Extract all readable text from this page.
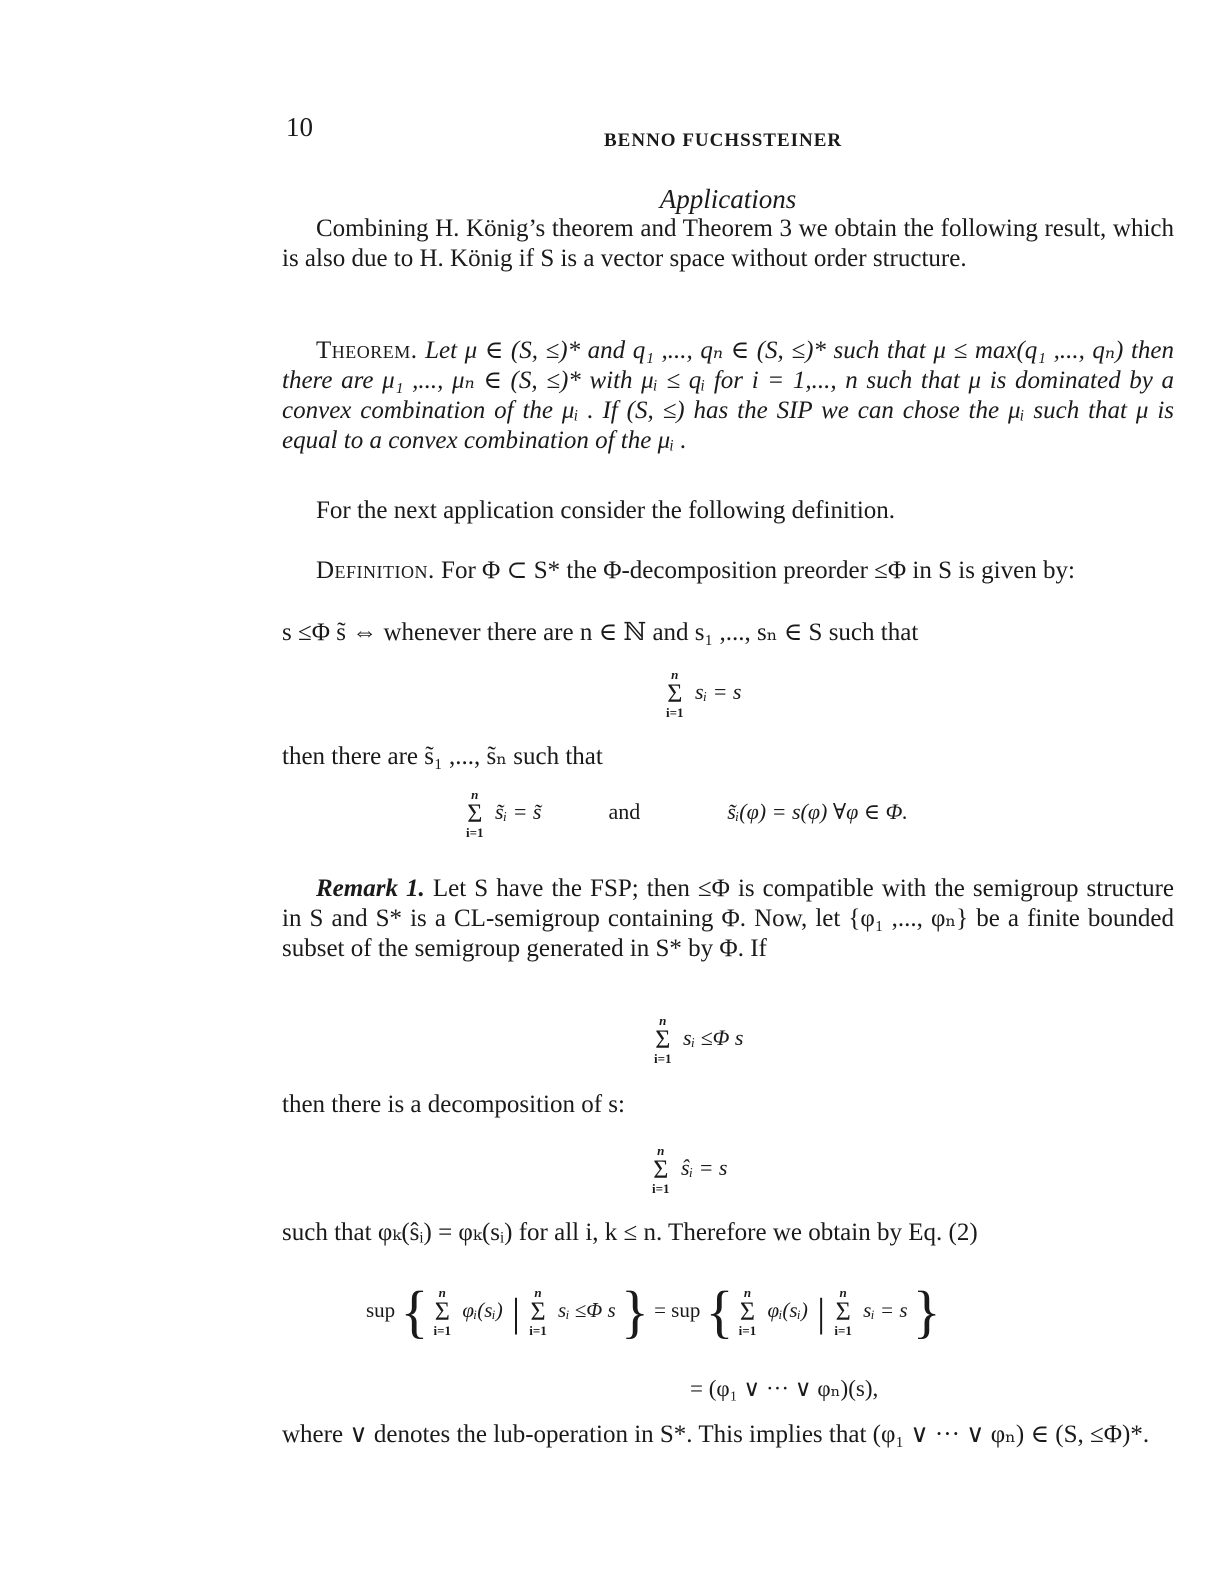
10	BENNO FUCHSSTEINER
Applications

Combining H. König’s theorem and Theorem 3 we obtain the following result, which is also due to H. König if S is a vector space without order structure.

Theorem. Let μ ∈ (S, ≤)* and q₁ ,..., qₙ ∈ (S, ≤)* such that μ ≤ max(q₁ ,..., qₙ) then there are μ₁ ,..., μₙ ∈ (S, ≤)* with μᵢ ≤ qᵢ for i = 1,..., n such that μ is dominated by a convex combination of the μᵢ . If (S, ≤) has the SIP we can chose the μᵢ such that μ is equal to a convex combination of the μᵢ .

For the next application consider the following definition.

Definition. For Φ ⊂ S* the Φ-decomposition preorder ≤Φ in S is given by:

s ≤Φ s̃ ⇔ whenever there are n ∈ ℕ and s₁ ,..., sₙ ∈ S such that

n
Σ
i=1
sᵢ = s

then there are s̃₁ ,..., s̃ₙ such that

n
Σ
i=1
s̃ᵢ = s̃	and	s̃ᵢ(φ) = s(φ) ∀φ ∈ Φ.

Remark 1. Let S have the FSP; then ≤Φ is compatible with the semigroup structure in S and S* is a CL-semigroup containing Φ. Now, let {φ₁ ,..., φₙ} be a finite bounded subset of the semigroup generated in S* by Φ. If

n
Σ
i=1
sᵢ ≤Φ s

then there is a decomposition of s:

n
Σ
i=1
ŝᵢ = s

such that φₖ(ŝᵢ) = φₖ(sᵢ) for all i, k ≤ n. Therefore we obtain by Eq. (2)

sup { n
Σ
i=1
φᵢ(sᵢ) | n
Σ
i=1
sᵢ ≤Φ s } = sup { n
Σ
i=1
φᵢ(sᵢ) | n
Σ
i=1
sᵢ = s }
= (φ₁ ∨ ··· ∨ φₙ)(s),

where ∨ denotes the lub-operation in S*. This implies that (φ₁ ∨ ··· ∨ φₙ) ∈ (S, ≤Φ)*.
